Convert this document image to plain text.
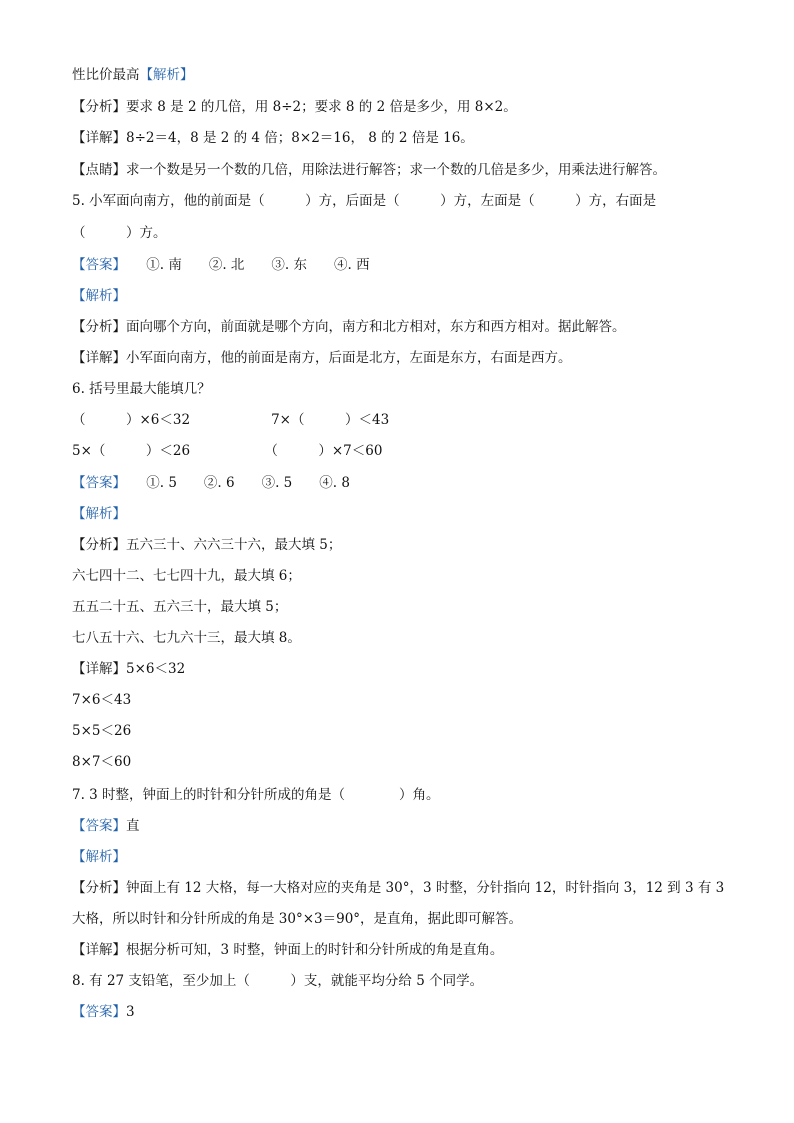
性比价最高【解析】
【分析】要求 8 是 2 的几倍，用 8÷2；要求 8 的 2 倍是多少，用 8×2。
【详解】8÷2＝4，8 是 2 的 4 倍；8×2＝16， 8 的 2 倍是 16。
【点睛】求一个数是另一个数的几倍，用除法进行解答；求一个数的几倍是多少，用乘法进行解答。
5. 小军面向南方，他的前面是（　　　）方，后面是（　　　）方，左面是（　　　）方，右面是
（　　　）方。
【答案】　　①. 南　　②. 北　　③. 东　　④. 西
【解析】
【分析】面向哪个方向，前面就是哪个方向，南方和北方相对，东方和西方相对。据此解答。
【详解】小军面向南方，他的前面是南方，后面是北方，左面是东方，右面是西方。
6. 括号里最大能填几？
（　　　）×6＜32　　　　　　7×（　　　）＜43
5×（　　　）＜26　　　　　　（　　　）×7＜60
【答案】　　①. 5　　②. 6　　③. 5　　④. 8
【解析】
【分析】五六三十、六六三十六，最大填 5；
六七四十二、七七四十九，最大填 6；
五五二十五、五六三十，最大填 5；
七八五十六、七九六十三，最大填 8。
【详解】5×6＜32
7×6＜43
5×5＜26
8×7＜60
7. 3 时整，钟面上的时针和分针所成的角是（　　　　）角。
【答案】直
【解析】
【分析】钟面上有 12 大格，每一大格对应的夹角是 30°，3 时整，分针指向 12，时针指向 3，12 到 3 有 3
大格，所以时针和分针所成的角是 30°×3＝90°，是直角，据此即可解答。
【详解】根据分析可知，3 时整，钟面上的时针和分针所成的角是直角。
8. 有 27 支铅笔，至少加上（　　　）支，就能平均分给 5 个同学。
【答案】3
